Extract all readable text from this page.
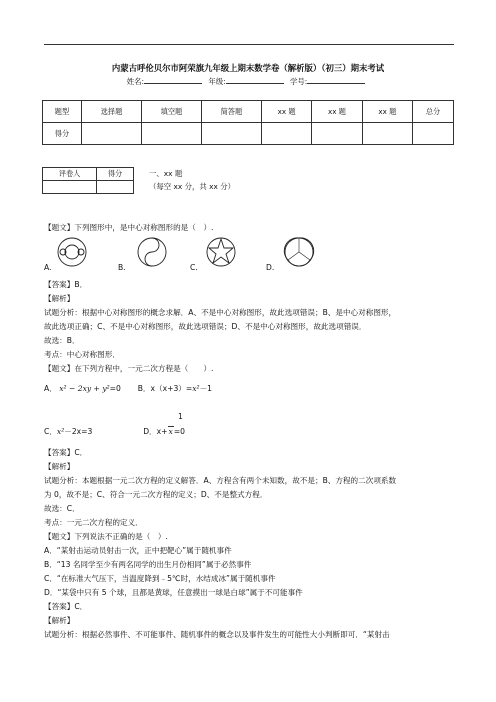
内蒙古呼伦贝尔市阿荣旗九年级上期末数学卷（解析版）（初三）期末考试
姓名:	年级:	学号:
题型	选择题	填空题	简答题	xx 题	xx 题	xx 题	总分
得分							
评卷人	得分
		一、xx 题
（每空 xx 分，共 xx 分）
【题文】下列图形中，是中心对称图形的是（　）.
A.	B.	C.	D.
【答案】B．
【解析】
试题分析：根据中心对称图形的概念求解．A、不是中心对称图形，故此选项错误；B、是中心对称图形，
故此选项正确；C、不是中心对称图形，故此选项错误；D、不是中心对称图形，故此选项错误．
故选：B．
考点：中心对称图形．
【题文】在下列方程中，一元二次方程是（　　）.
A． x² − 2xy + y²=0 B．x（x+3）=x²－1
1
C．x²－2x=3	D．x+x=0
【答案】C．
【解析】
试题分析：本题根据一元二次方程的定义解答．A、方程含有两个未知数，故不是；B、方程的二次项系数
为 0，故不是；C、符合一元二次方程的定义；D、不是整式方程．
故选：C．
考点：一元二次方程的定义．
【题文】下列说法不正确的是（　）.
A．“某射击运动员射击一次，正中把靶心”属于随机事件
B．“13 名同学至少有两名同学的出生月份相同”属于必然事件
C．“在标准大气压下，当温度降到﹣5℃时，水结成冰”属于随机事件
D．“某袋中只有 5 个球，且都是黄球，任意摸出一球是白球”属于不可能事件
【答案】C．
【解析】
试题分析：根据必然事件、不可能事件、随机事件的概念以及事件发生的可能性大小判断即可．“某射击
